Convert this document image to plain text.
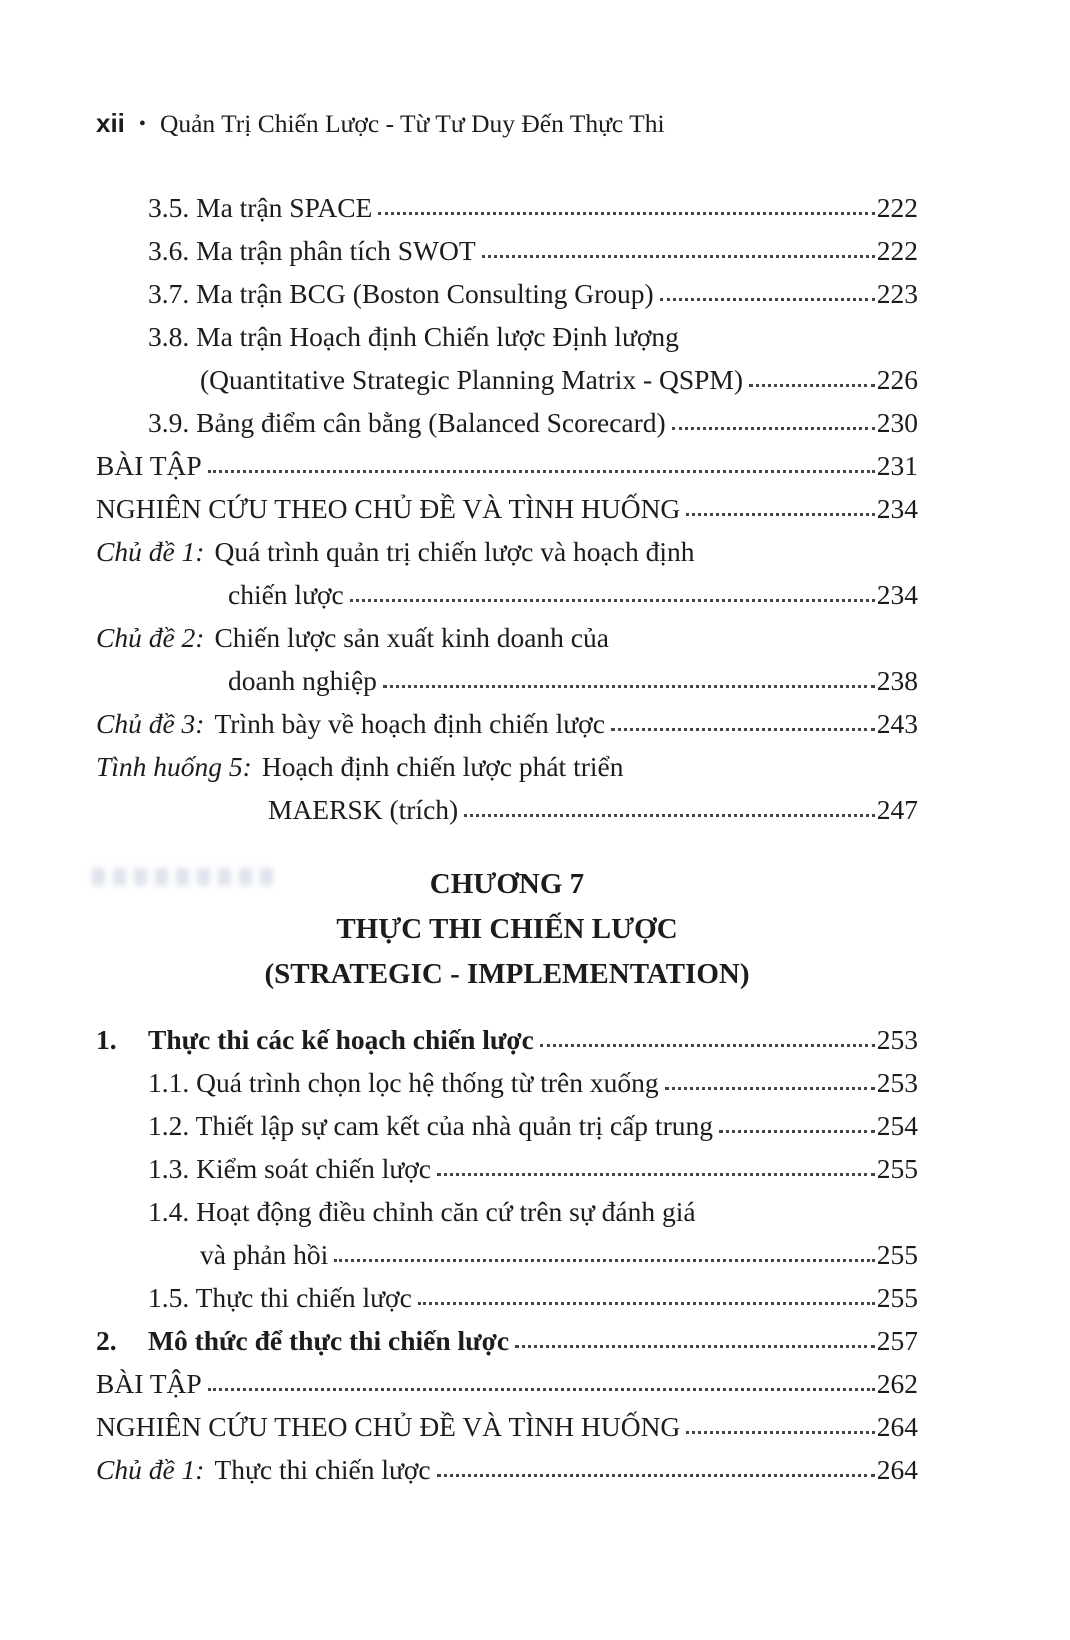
xii • Quản Trị Chiến Lược - Từ Tư Duy Đến Thực Thi
3.5. Ma trận SPACE	222
3.6. Ma trận phân tích SWOT	222
3.7. Ma trận BCG (Boston Consulting Group)	223
3.8. Ma trận Hoạch định Chiến lược Định lượng
(Quantitative Strategic Planning Matrix - QSPM)	226
3.9. Bảng điểm cân bằng (Balanced Scorecard)	230
BÀI TẬP	231
NGHIÊN CỨU THEO CHỦ ĐỀ VÀ TÌNH HUỐNG	234
Chủ đề 1: Quá trình quản trị chiến lược và hoạch định
chiến lược	234
Chủ đề 2: Chiến lược sản xuất kinh doanh của
doanh nghiệp	238
Chủ đề 3: Trình bày về hoạch định chiến lược	243
Tình huống 5: Hoạch định chiến lược phát triển
MAERSK (trích)	247
CHƯƠNG 7
THỰC THI CHIẾN LƯỢC
(STRATEGIC - IMPLEMENTATION)
1.	Thực thi các kế hoạch chiến lược	253
1.1. Quá trình chọn lọc hệ thống từ trên xuống	253
1.2. Thiết lập sự cam kết của nhà quản trị cấp trung	254
1.3. Kiểm soát chiến lược	255
1.4. Hoạt động điều chỉnh căn cứ trên sự đánh giá
và phản hồi	255
1.5. Thực thi chiến lược	255
2.	Mô thức để thực thi chiến lược	257
BÀI TẬP	262
NGHIÊN CỨU THEO CHỦ ĐỀ VÀ TÌNH HUỐNG	264
Chủ đề 1: Thực thi chiến lược	264
